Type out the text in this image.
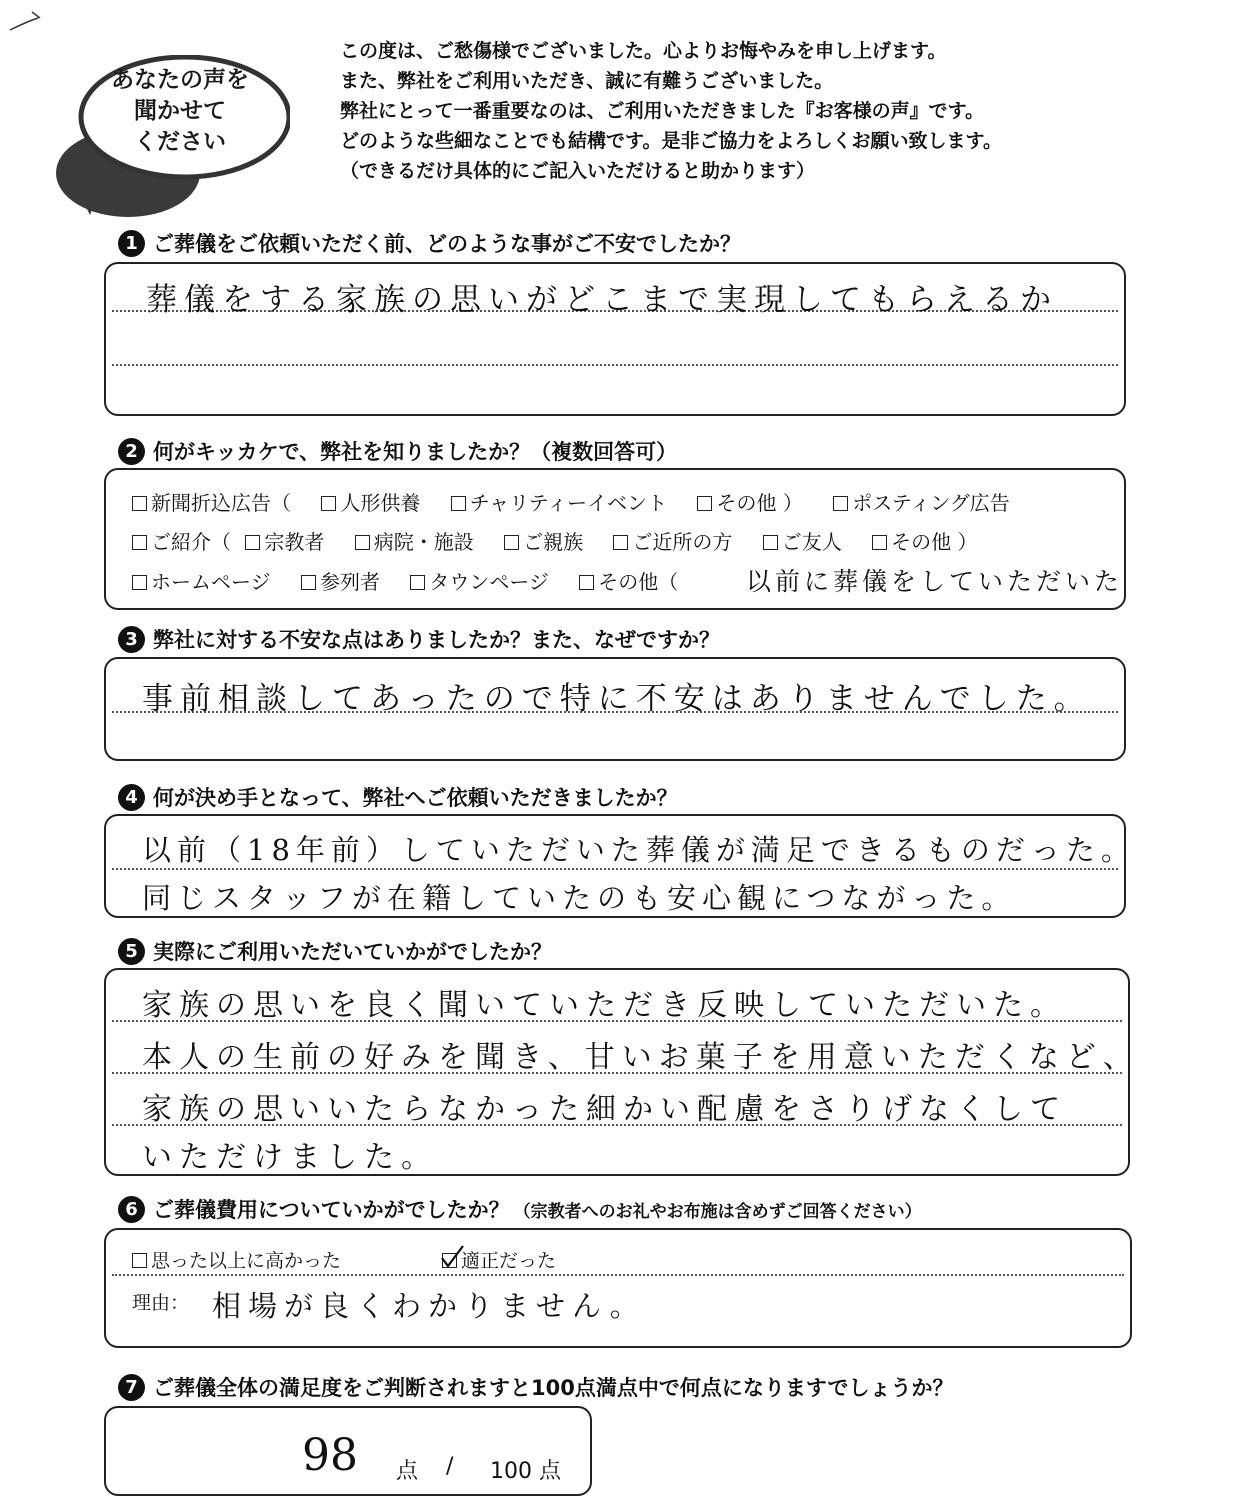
あなたの声を
聞かせて
ください
この度は、ご愁傷様でございました。心よりお悔やみを申し上げます。
また、弊社をご利用いただき、誠に有難うございました。
弊社にとって一番重要なのは、ご利用いただきました『お客様の声』です。
どのような些細なことでも結構です。是非ご協力をよろしくお願い致します。
（できるだけ具体的にご記入いただけると助かります）
1 ご葬儀をご依頼いただく前、どのような事がご不安でしたか？
葬儀をする家族の思いがどこまで実現してもらえるか
2 何がキッカケで、弊社を知りましたか？（複数回答可）
新聞折込広告（ 人形供養 チャリティーイベント その他 ） ポスティング広告
ご紹介（ 宗教者 病院・施設 ご親族 ご近所の方 ご友人 その他 ）
ホームページ 参列者 タウンページ その他（	以前に葬儀をしていただいた
3 弊社に対する不安な点はありましたか？また、なぜですか？
事前相談してあったので特に不安はありませんでした。
4 何が決め手となって、弊社へご依頼いただきましたか？
以前（18年前）していただいた葬儀が満足できるものだった。
同じスタッフが在籍していたのも安心観につながった。
5 実際にご利用いただいていかがでしたか？
家族の思いを良く聞いていただき反映していただいた。
本人の生前の好みを聞き、甘いお菓子を用意いただくなど、
家族の思いいたらなかった細かい配慮をさりげなくして
いただけました。
6 ご葬儀費用についていかがでしたか？ （宗教者へのお礼やお布施は含めずご回答ください）
思った以上に高かった	適正だった
理由： 相場が良くわかりません。
7 ご葬儀全体の満足度をご判断されますと100点満点中で何点になりますでしょうか？
98 点 / 100 点
